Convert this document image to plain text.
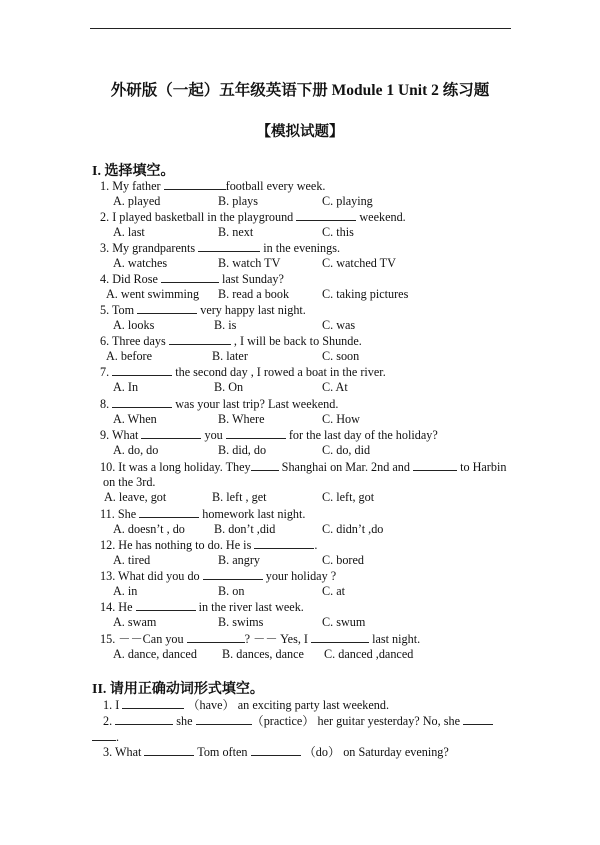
外研版（一起）五年级英语下册 Module 1 Unit 2 练习题
【模拟试题】
I. 选择填空。
1. My father	football every week.
A. played	B. plays	C. playing
2. I played basketball in the playground	weekend.
A. last	B. next	C. this
3. My grandparents	in the evenings.
A. watches	B. watch TV	C. watched TV
4. Did Rose	last Sunday?
A. went swimming B. read a book	C. taking pictures
5. Tom	very happy last night.
A. looks	B. is	C. was
6. Three days	, I will be back to Shunde.
A. before	B. later	C. soon
7.	the second day , I rowed a boat in the river.
A. In	B. On	C. At
8.	was your last trip? Last weekend.
A. When	B. Where	C. How
9. What	you	for the last day of the holiday?
A. do, do	B. did, do	C. do, did
10. It was a long holiday. They Shanghai on Mar. 2nd and	to Harbin
on the 3rd.
A. leave, got	B. left , get	C. left, got
11. She	homework last night.
A. doesn’t , do B. don’t ,did	C. didn’t ,do
12. He has nothing to do. He is	.
A. tired	B. angry	C. bored
13. What did you do	your holiday ?
A. in	B. on	C. at
14. He	in the river last week.
A. swam	B. swims	C. swum
15. －－Can you	? －－ Yes, I	last night.
A. dance, danced B. dances, dance C. danced ,danced
II. 请用正确动词形式填空。
1. I	（have） an exciting party last weekend.
2.	she	（practice） her guitar yesterday? No, she
.
3. What	Tom often	（do） on Saturday evening?
